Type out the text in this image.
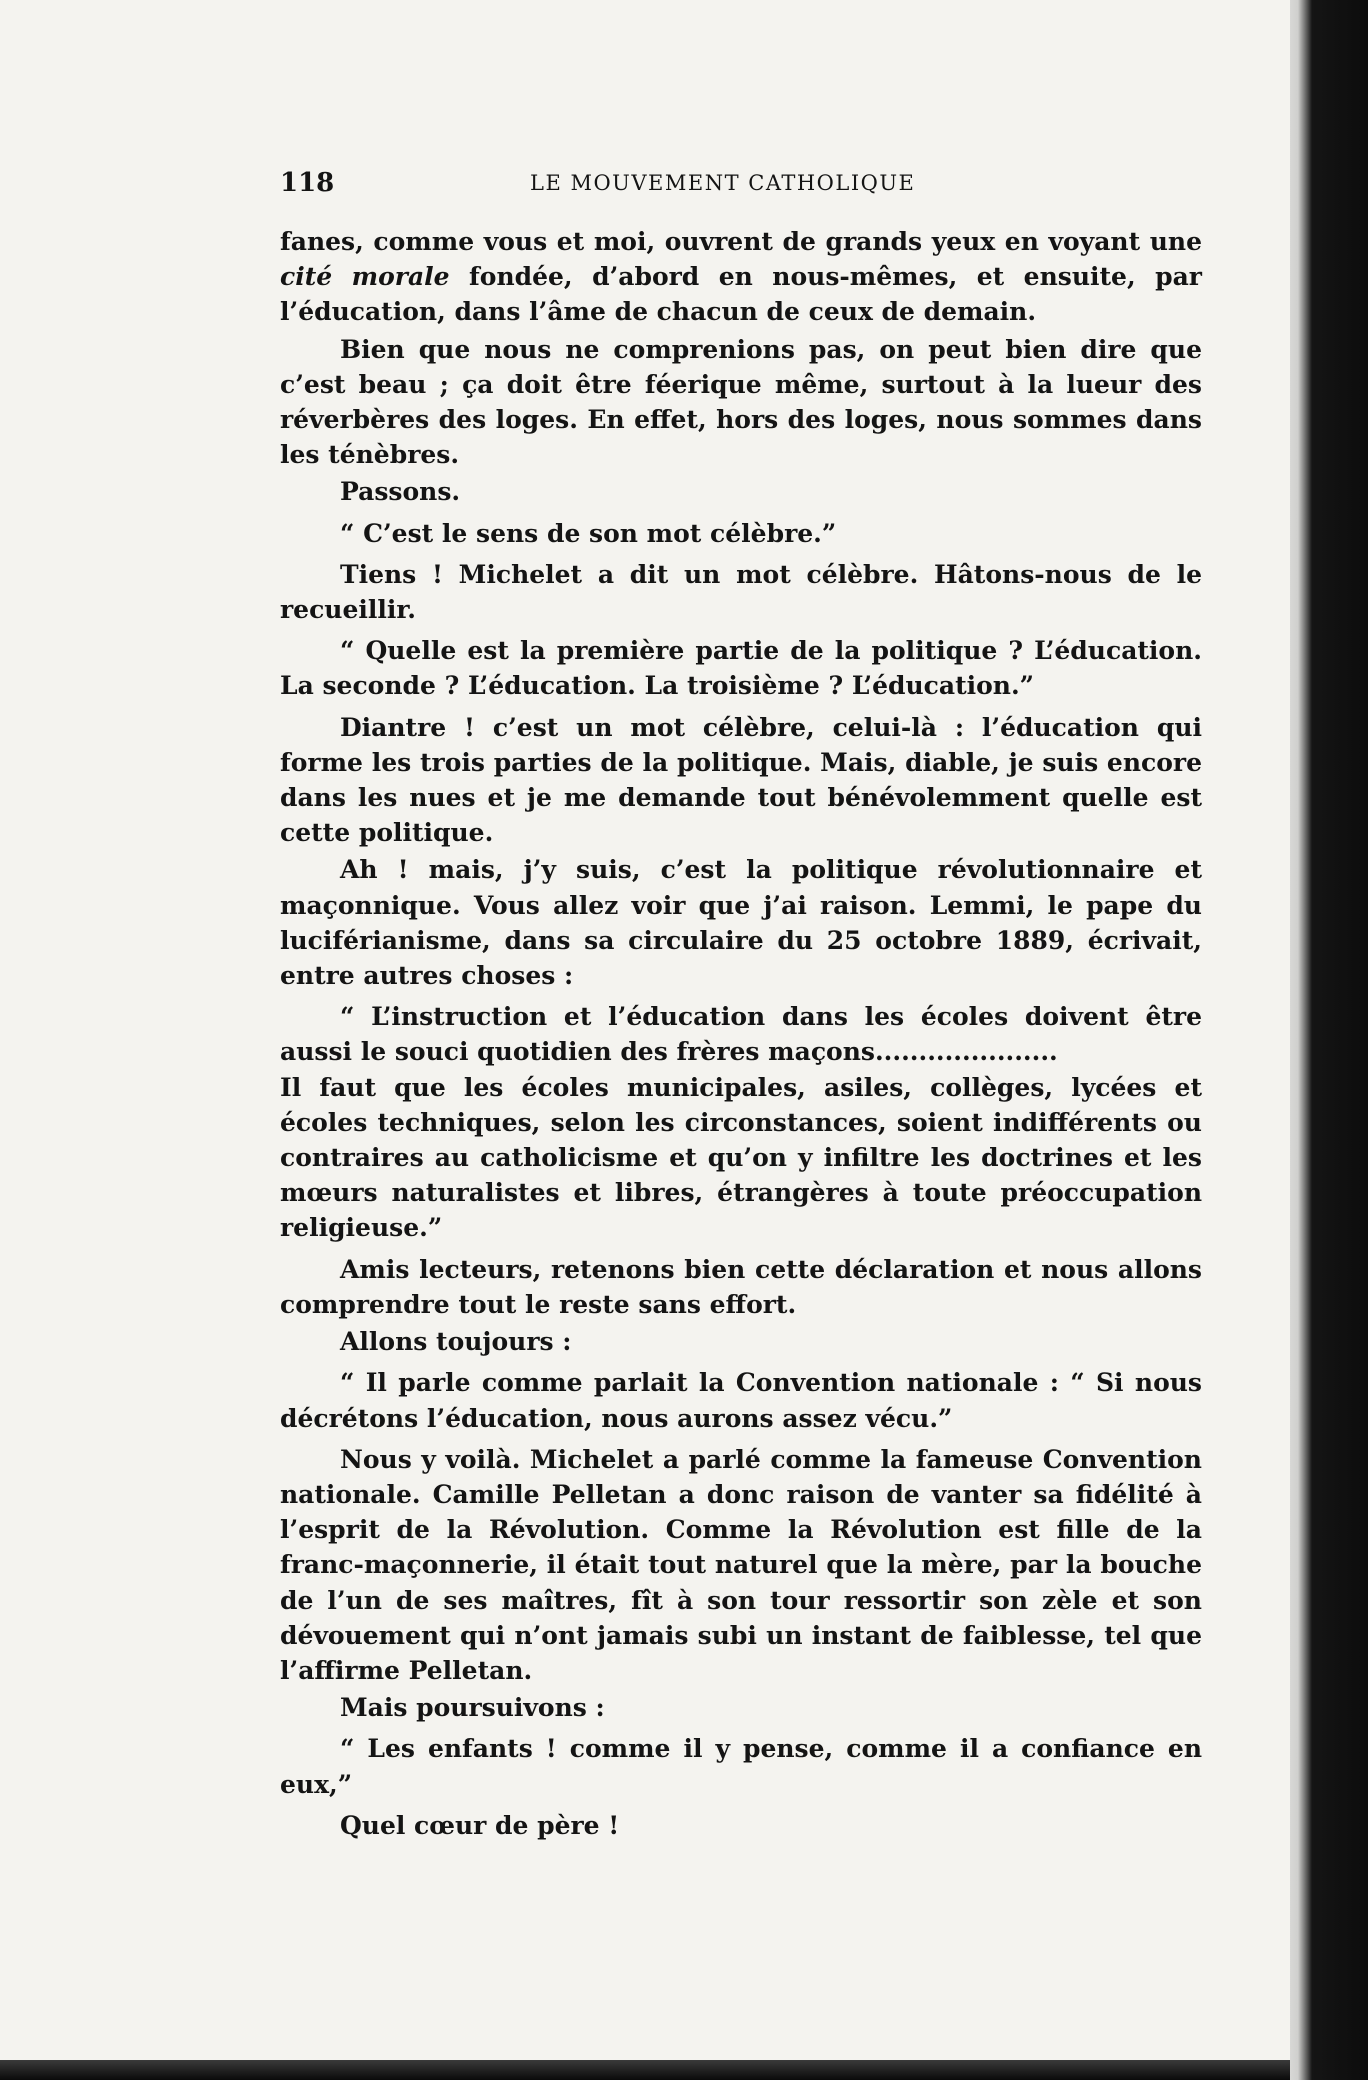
118	LE MOUVEMENT CATHOLIQUE

fanes, comme vous et moi, ouvrent de grands yeux en voyant une cité morale fondée, d’abord en nous-mêmes, et ensuite, par l’éducation, dans l’âme de chacun de ceux de demain.

Bien que nous ne comprenions pas, on peut bien dire que c’est beau ; ça doit être féerique même, surtout à la lueur des réverbères des loges. En effet, hors des loges, nous sommes dans les ténèbres.

Passons.

“ C’est le sens de son mot célèbre.”

Tiens ! Michelet a dit un mot célèbre. Hâtons-nous de le recueillir.

“ Quelle est la première partie de la politique ? L’éducation. La seconde ? L’éducation. La troisième ? L’éducation.”

Diantre ! c’est un mot célèbre, celui-là : l’éducation qui forme les trois parties de la politique. Mais, diable, je suis encore dans les nues et je me demande tout bénévolemment quelle est cette politique.

Ah ! mais, j’y suis, c’est la politique révolutionnaire et maçonnique. Vous allez voir que j’ai raison. Lemmi, le pape du luciférianisme, dans sa circulaire du 25 octobre 1889, écrivait, entre autres choses :

“ L’instruction et l’éducation dans les écoles doivent être aussi le souci quotidien des frères maçons.....................

Il faut que les écoles municipales, asiles, collèges, lycées et écoles techniques, selon les circonstances, soient indifférents ou contraires au catholicisme et qu’on y infiltre les doctrines et les mœurs naturalistes et libres, étrangères à toute préoccupation religieuse.”

Amis lecteurs, retenons bien cette déclaration et nous allons comprendre tout le reste sans effort.

Allons toujours :

“ Il parle comme parlait la Convention nationale : “ Si nous décrétons l’éducation, nous aurons assez vécu.”

Nous y voilà. Michelet a parlé comme la fameuse Convention nationale. Camille Pelletan a donc raison de vanter sa fidélité à l’esprit de la Révolution. Comme la Révolution est fille de la franc-maçonnerie, il était tout naturel que la mère, par la bouche de l’un de ses maîtres, fît à son tour ressortir son zèle et son dévouement qui n’ont jamais subi un instant de faiblesse, tel que l’affirme Pelletan.

Mais poursuivons :

“ Les enfants ! comme il y pense, comme il a confiance en eux,”

Quel cœur de père !
